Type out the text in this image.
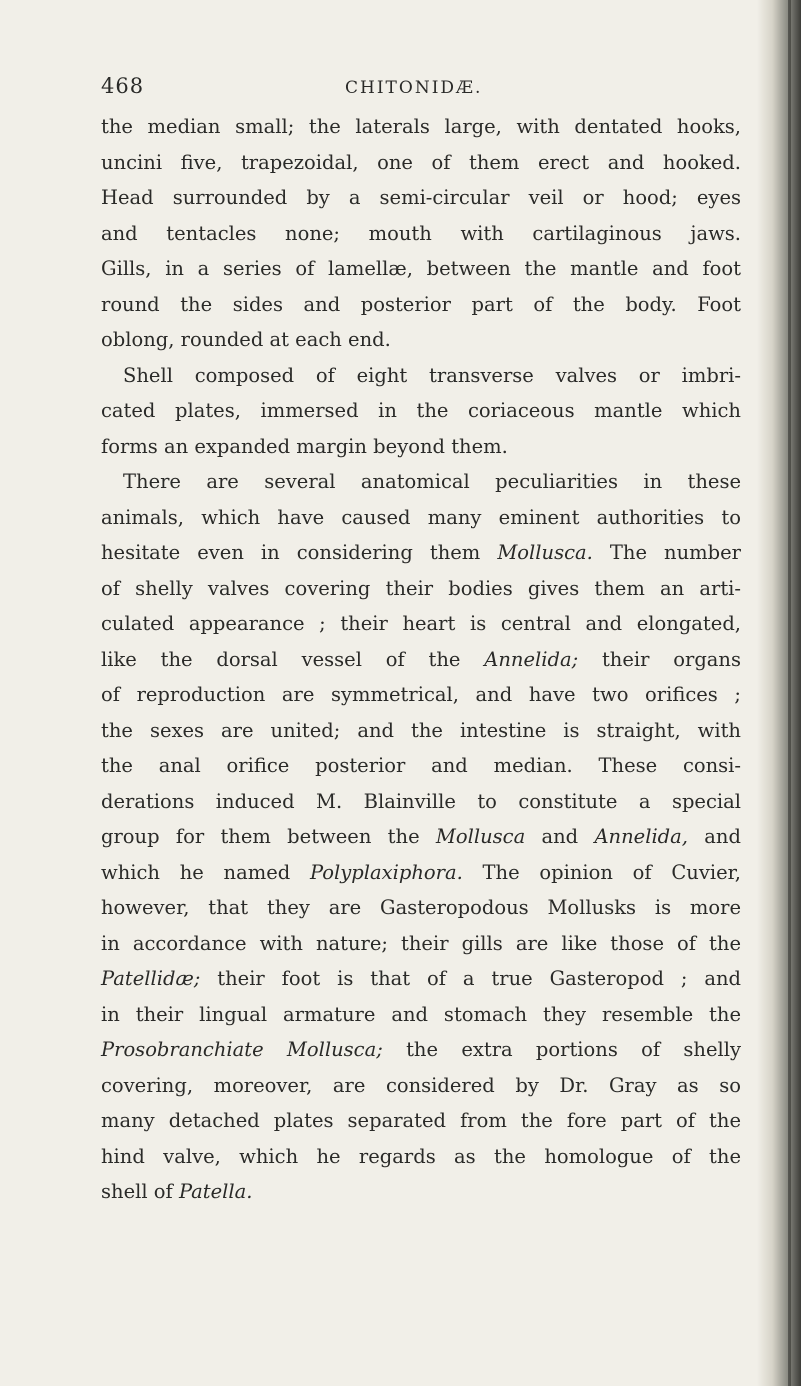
468	CHITONIDÆ.
the median small; the laterals large, with dentated hooks,
uncini five, trapezoidal, one of them erect and hooked.
Head surrounded by a semi-circular veil or hood; eyes
and tentacles none; mouth with cartilaginous jaws.
Gills, in a series of lamellæ, between the mantle and foot
round the sides and posterior part of the body. Foot
oblong, rounded at each end.
Shell composed of eight transverse valves or imbri-
cated plates, immersed in the coriaceous mantle which
forms an expanded margin beyond them.
There are several anatomical peculiarities in these
animals, which have caused many eminent authorities to
hesitate even in considering them Mollusca. The number
of shelly valves covering their bodies gives them an arti-
culated appearance ; their heart is central and elongated,
like the dorsal vessel of the Annelida; their organs
of reproduction are symmetrical, and have two orifices ;
the sexes are united; and the intestine is straight, with
the anal orifice posterior and median. These consi-
derations induced M. Blainville to constitute a special
group for them between the Mollusca and Annelida, and
which he named Polyplaxiphora. The opinion of Cuvier,
however, that they are Gasteropodous Mollusks is more
in accordance with nature; their gills are like those of the
Patellidæ; their foot is that of a true Gasteropod ; and
in their lingual armature and stomach they resemble the
Prosobranchiate Mollusca; the extra portions of shelly
covering, moreover, are considered by Dr. Gray as so
many detached plates separated from the fore part of the
hind valve, which he regards as the homologue of the
shell of Patella.
